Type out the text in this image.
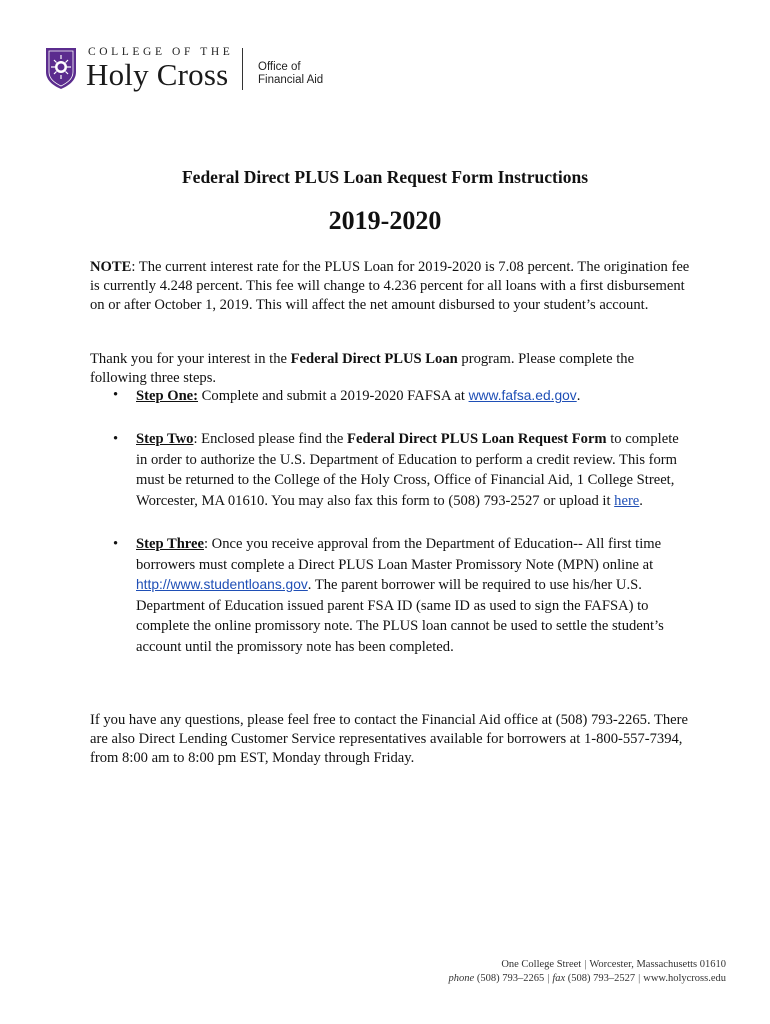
COLLEGE OF THE
Holy Cross	Office of
Financial Aid
Federal Direct PLUS Loan Request Form Instructions
2019-2020
NOTE: The current interest rate for the PLUS Loan for 2019-2020 is 7.08 percent. The origination fee is currently 4.248 percent. This fee will change to 4.236 percent for all loans with a first disbursement on or after October 1, 2019. This will affect the net amount disbursed to your student’s account.
Thank you for your interest in the Federal Direct PLUS Loan program. Please complete the following three steps.
• Step One: Complete and submit a 2019-2020 FAFSA at www.fafsa.ed.gov.
• Step Two: Enclosed please find the Federal Direct PLUS Loan Request Form to complete in order to authorize the U.S. Department of Education to perform a credit review. This form must be returned to the College of the Holy Cross, Office of Financial Aid, 1 College Street, Worcester, MA 01610. You may also fax this form to (508) 793-2527 or upload it here.
• Step Three: Once you receive approval from the Department of Education-- All first time borrowers must complete a Direct PLUS Loan Master Promissory Note (MPN) online at http://www.studentloans.gov. The parent borrower will be required to use his/her U.S. Department of Education issued parent FSA ID (same ID as used to sign the FAFSA) to complete the online promissory note. The PLUS loan cannot be used to settle the student’s account until the promissory note has been completed.
If you have any questions, please feel free to contact the Financial Aid office at (508) 793-2265. There are also Direct Lending Customer Service representatives available for borrowers at 1-800-557-7394, from 8:00 am to 8:00 pm EST, Monday through Friday.
One College Street | Worcester, Massachusetts 01610
phone (508) 793–2265 | fax (508) 793–2527 | www.holycross.edu
